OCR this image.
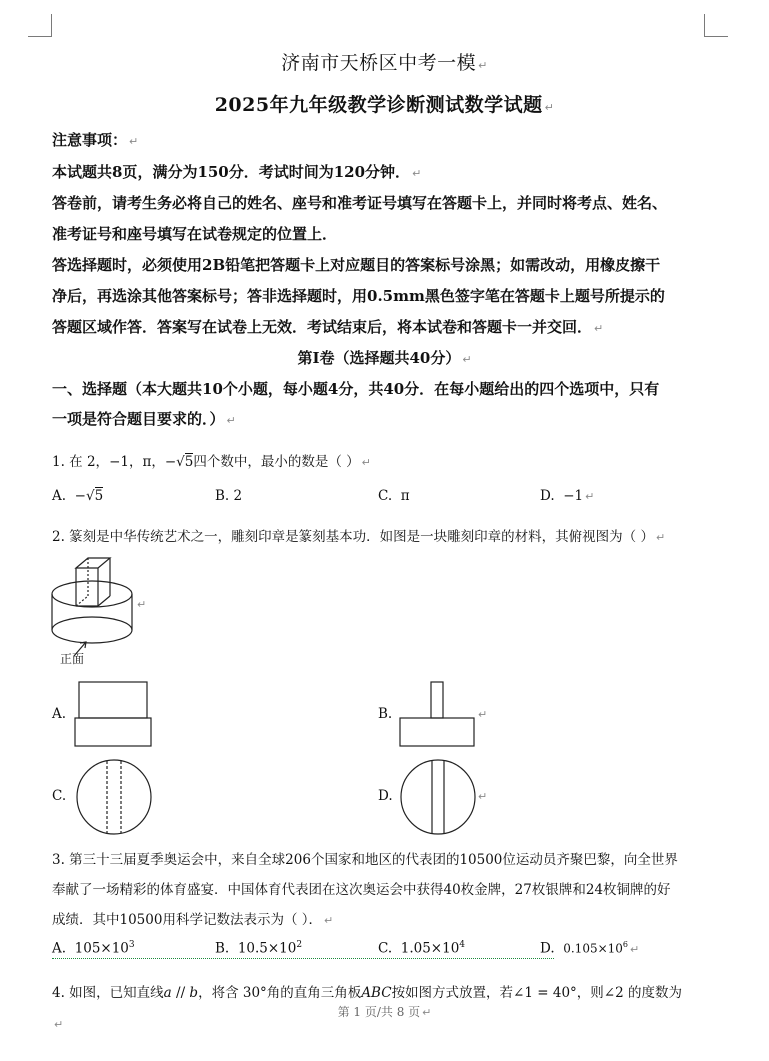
济南市天桥区中考一模 ↵
2025年九年级教学诊断测试数学试题 ↵
注意事项： ↵
本试题共8页，满分为150分．考试时间为120分钟． ↵
答卷前，请考生务必将自己的姓名、座号和准考证号填写在答题卡上，并同时将考点、姓名、
准考证号和座号填写在试卷规定的位置上．
答选择题时，必须使用2B铅笔把答题卡上对应题目的答案标号涂黑；如需改动，用橡皮擦干
净后，再选涂其他答案标号；答非选择题时，用0.5mm黑色签字笔在答题卡上题号所提示的
答题区域作答．答案写在试卷上无效．考试结束后，将本试卷和答题卡一并交回． ↵
第Ⅰ卷（选择题共40分） ↵
一、选择题（本大题共10个小题，每小题4分，共40分．在每小题给出的四个选项中，只有
一项是符合题目要求的．） ↵
1. 在 2，−1，π，−√5四个数中，最小的数是（ ） ↵
A. −√5	B. 2	C. π	D. −1 ↵
2. 篆刻是中华传统艺术之一，雕刻印章是篆刻基本功．如图是一块雕刻印章的材料，其俯视图为（ ） ↵
正面
↵
A.	B.	↵
C.	D.	↵
3. 第三十三届夏季奥运会中，来自全球206个国家和地区的代表团的10500位运动员齐聚巴黎，向全世界
奉献了一场精彩的体育盛宴．中国体育代表团在这次奥运会中获得40枚金牌，27枚银牌和24枚铜牌的好
成绩．其中10500用科学记数法表示为（ ）． ↵
A. $105\times 10^3$	B. $10.5\times 10^2$	C. $1.05\times 10^4$	D. $0.105\times 10^6$ ↵
4. 如图，已知直线a // b，将含 30°角的直角三角板ABC按如图方式放置，若∠1 = 40°，则∠2 的度数为
第 1 页/共 8 页 ↵
↵
